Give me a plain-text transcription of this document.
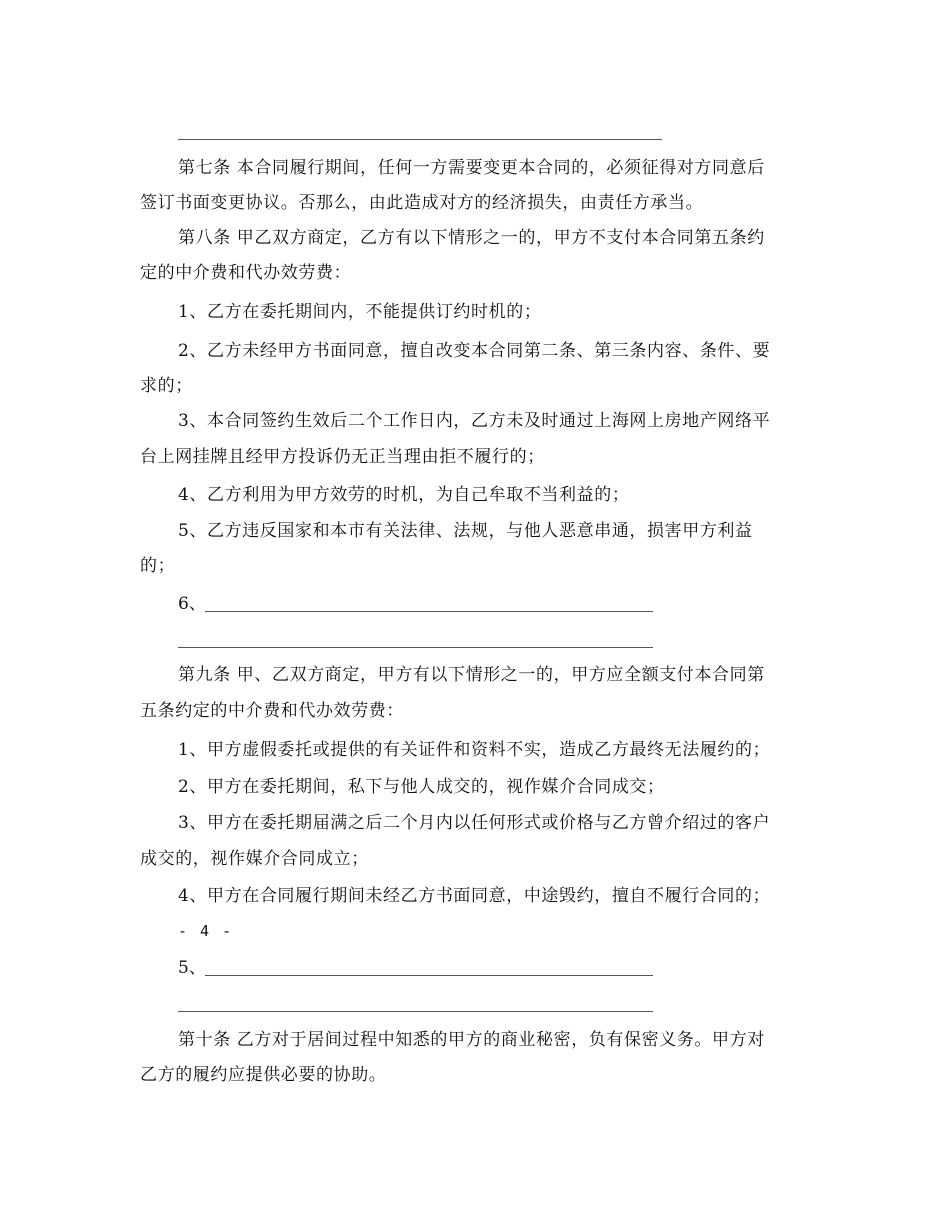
第七条 本合同履行期间，任何一方需要变更本合同的，必须征得对方同意后
签订书面变更协议。否那么，由此造成对方的经济损失，由责任方承当。
第八条 甲乙双方商定，乙方有以下情形之一的，甲方不支付本合同第五条约
定的中介费和代办效劳费：
1、乙方在委托期间内，不能提供订约时机的；
2、乙方未经甲方书面同意，擅自改变本合同第二条、第三条内容、条件、要
求的；
3、本合同签约生效后二个工作日内，乙方未及时通过上海网上房地产网络平
台上网挂牌且经甲方投诉仍无正当理由拒不履行的；
4、乙方利用为甲方效劳的时机，为自己牟取不当利益的；
5、乙方违反国家和本市有关法律、法规，与他人恶意串通，损害甲方利益
的；
6、
第九条 甲、乙双方商定，甲方有以下情形之一的，甲方应全额支付本合同第
五条约定的中介费和代办效劳费：
1、甲方虚假委托或提供的有关证件和资料不实，造成乙方最终无法履约的；
2、甲方在委托期间，私下与他人成交的，视作媒介合同成交；
3、甲方在委托期届满之后二个月内以任何形式或价格与乙方曾介绍过的客户
成交的，视作媒介合同成立；
4、甲方在合同履行期间未经乙方书面同意，中途毁约，擅自不履行合同的；
- 4 -
5、
第十条 乙方对于居间过程中知悉的甲方的商业秘密，负有保密义务。甲方对
乙方的履约应提供必要的协助。
